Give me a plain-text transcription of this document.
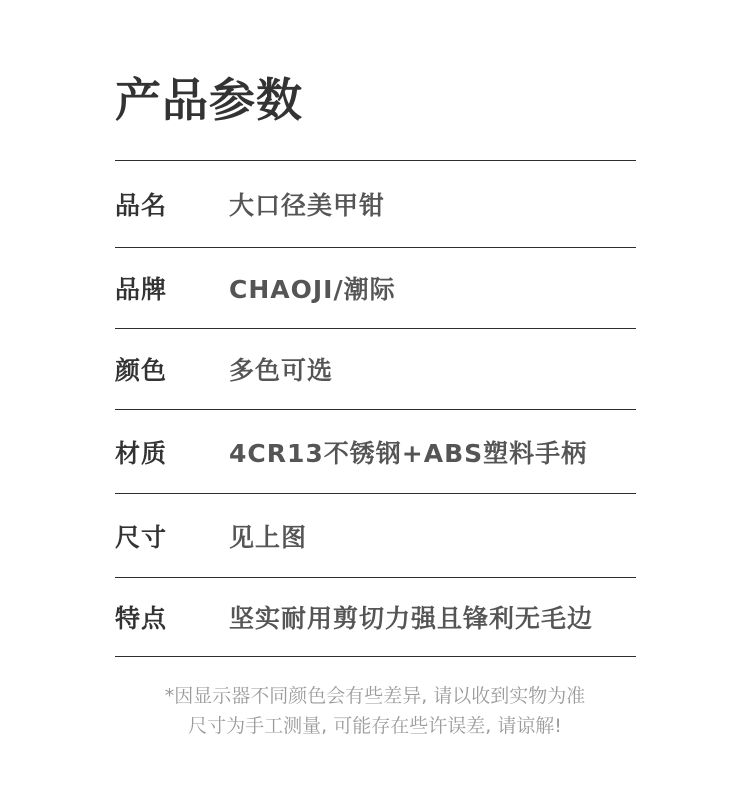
产品参数
品名	大口径美甲钳
品牌	CHAOJI/潮际
颜色	多色可选
材质	4CR13不锈钢+ABS塑料手柄
尺寸	见上图
特点	坚实耐用剪切力强且锋利无毛边
*因显示器不同颜色会有些差异, 请以收到实物为准
尺寸为手工测量, 可能存在些许误差, 请谅解!
